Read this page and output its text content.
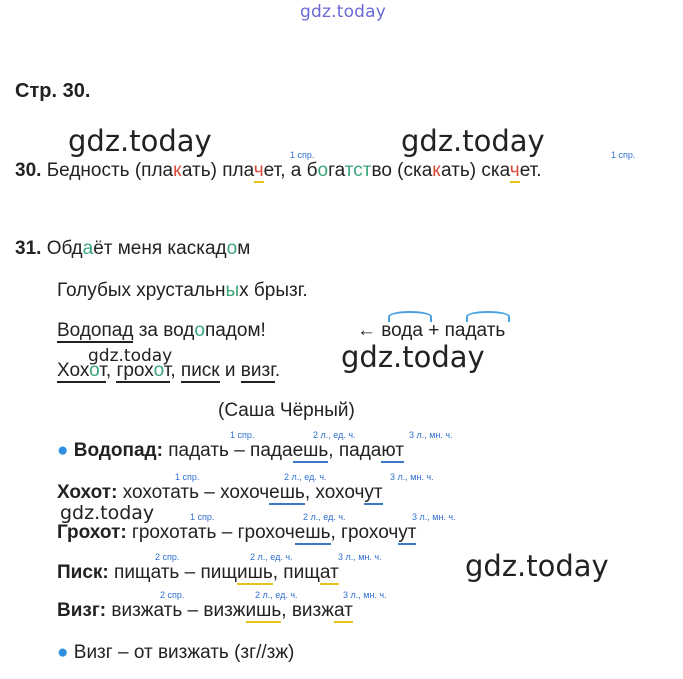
gdz.today
Стр. 30.
gdz.today	gdz.today
gdz.today
gdz.today
gdz.today
gdz.today
1 спр.	1 спр.
30. Бедность (плакать) плачет, а богатство (скакать) скачет.
31. Обдаёт меня каскадом
Голубых хрустальных брызг.
Водопад за водопадом!	← вода + падать
Хохот, грохот, писк и визг.
(Саша Чёрный)
● Водопад: падать – падаешь, падают
1 спр.	2 л., ед. ч.	3 л., мн. ч.
Хохот: хохотать – хохочешь, хохочут
1 спр.	2 л., ед. ч.	3 л., мн. ч.
Грохот: грохотать – грохочешь, грохочут
1 спр.	2 л., ед. ч.	3 л., мн. ч.
Писк: пищать – пищишь, пищат
2 спр.	2 л., ед. ч.	3 л., мн. ч.
Визг: визжать – визжишь, визжат
2 спр.	2 л., ед. ч.	3 л., мн. ч.
● Визг – от визжать (зг//зж)
